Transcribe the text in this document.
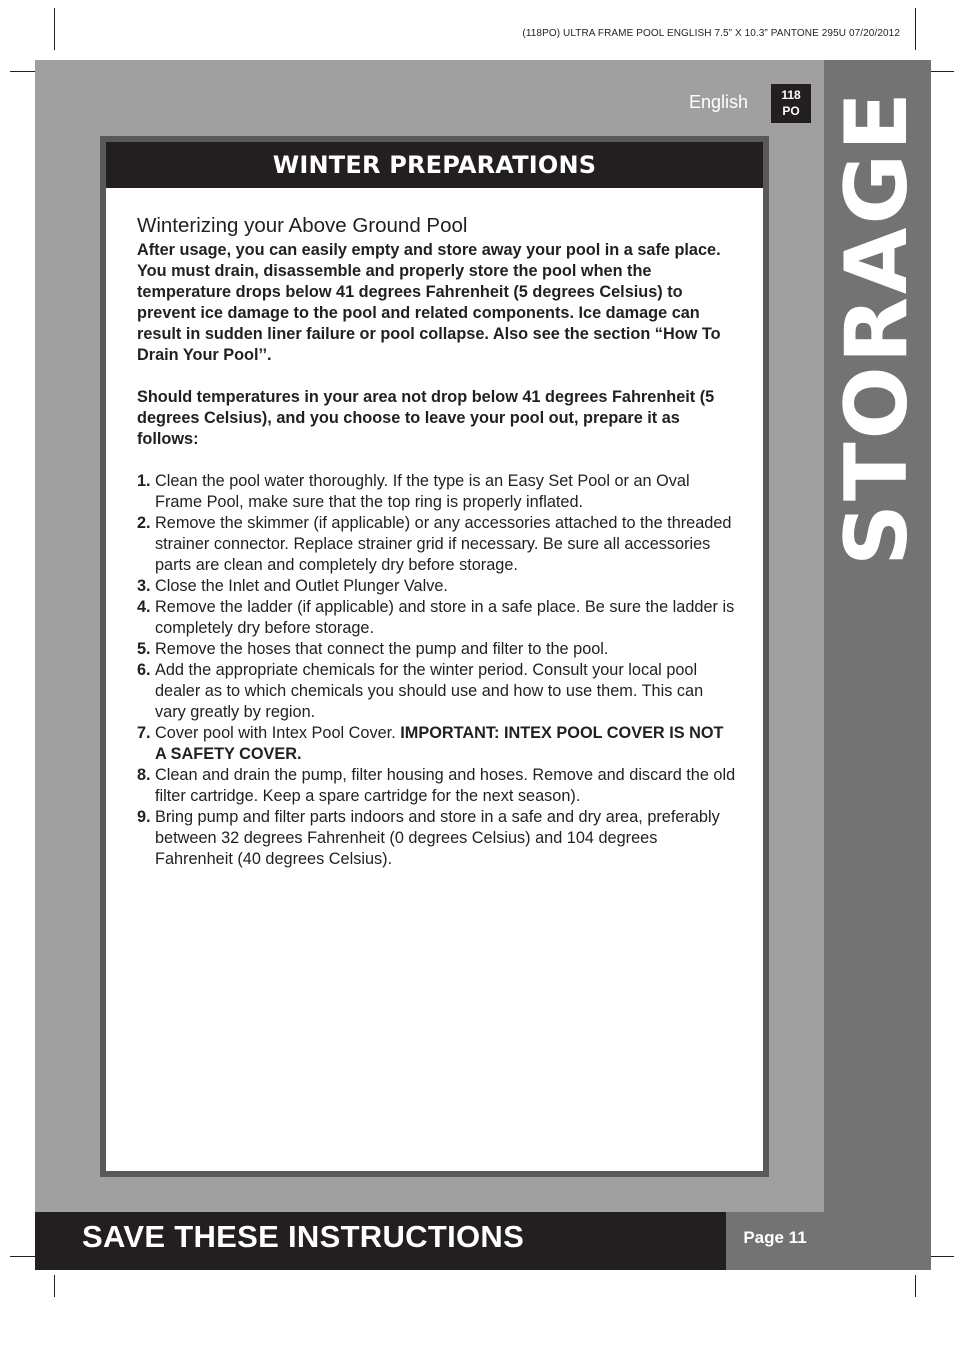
(118PO) ULTRA FRAME POOL ENGLISH 7.5” X 10.3” PANTONE 295U 07/20/2012
STORAGE
English	118
PO
WINTER PREPARATIONS
Winterizing your Above Ground Pool

After usage, you can easily empty and store away your pool in a safe place. You must drain, disassemble and properly store the pool when the temperature drops below 41 degrees Fahrenheit (5 degrees Celsius) to prevent ice damage to the pool and related components. Ice damage can result in sudden liner failure or pool collapse. Also see the section “How To Drain Your Pool’’.

Should temperatures in your area not drop below 41 degrees Fahrenheit (5 degrees Celsius), and you choose to leave your pool out, prepare it as follows:

1. Clean the pool water thoroughly. If the type is an Easy Set Pool or an Oval Frame Pool, make sure that the top ring is properly inflated.
2. Remove the skimmer (if applicable) or any accessories attached to the threaded strainer connector. Replace strainer grid if necessary. Be sure all accessories parts are clean and completely dry before storage.
3. Close the Inlet and Outlet Plunger Valve.
4. Remove the ladder (if applicable) and store in a safe place. Be sure the ladder is completely dry before storage.
5. Remove the hoses that connect the pump and filter to the pool.
6. Add the appropriate chemicals for the winter period. Consult your local pool dealer as to which chemicals you should use and how to use them. This can vary greatly by region.
7. Cover pool with Intex Pool Cover. IMPORTANT: INTEX POOL COVER IS NOT A SAFETY COVER.
8. Clean and drain the pump, filter housing and hoses. Remove and discard the old filter cartridge. Keep a spare cartridge for the next season).
9. Bring pump and filter parts indoors and store in a safe and dry area, preferably between 32 degrees Fahrenheit (0 degrees Celsius) and 104 degrees Fahrenheit (40 degrees Celsius).
SAVE THESE INSTRUCTIONS	Page 11
